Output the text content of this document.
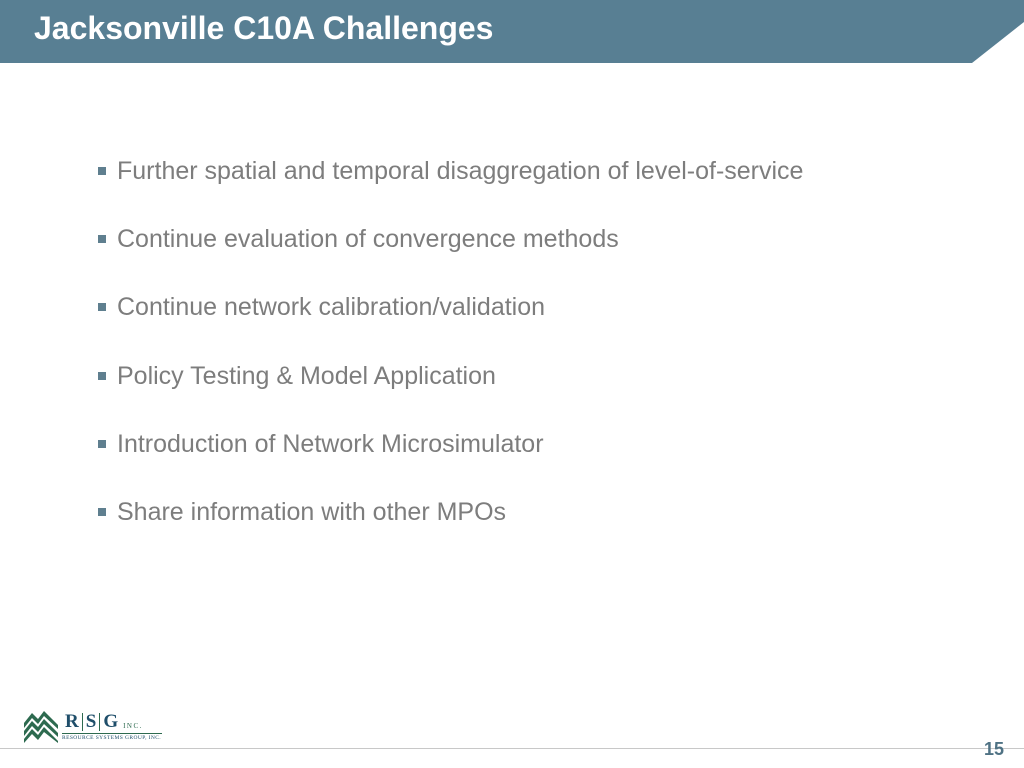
Jacksonville C10A Challenges
Further spatial and temporal disaggregation of level-of-service
Continue evaluation of convergence methods
Continue network calibration/validation
Policy Testing & Model Application
Introduction of Network Microsimulator
Share information with other MPOs
R S G INC.
RESOURCE SYSTEMS GROUP, INC.
15
